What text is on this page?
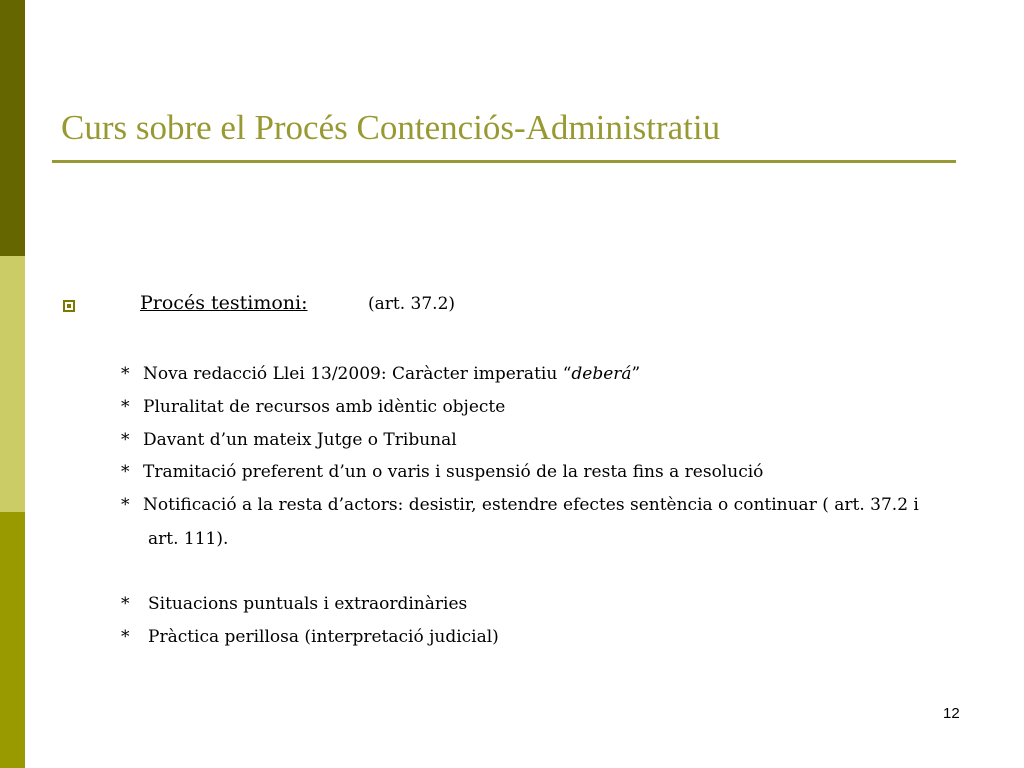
Curs sobre el Procés Contenciós-Administratiu
Procés testimoni:	(art. 37.2)
* Nova redacció Llei 13/2009: Caràcter imperatiu “deberá”
* Pluralitat de recursos amb idèntic objecte
* Davant d’un mateix Jutge o Tribunal
* Tramitació preferent d’un o varis i suspensió de la resta fins a resolució
* Notificació a la resta d’actors: desistir, estendre efectes sentència o continuar ( art. 37.2 i
art. 111).
* Situacions puntuals i extraordinàries
* Pràctica perillosa (interpretació judicial)
12
